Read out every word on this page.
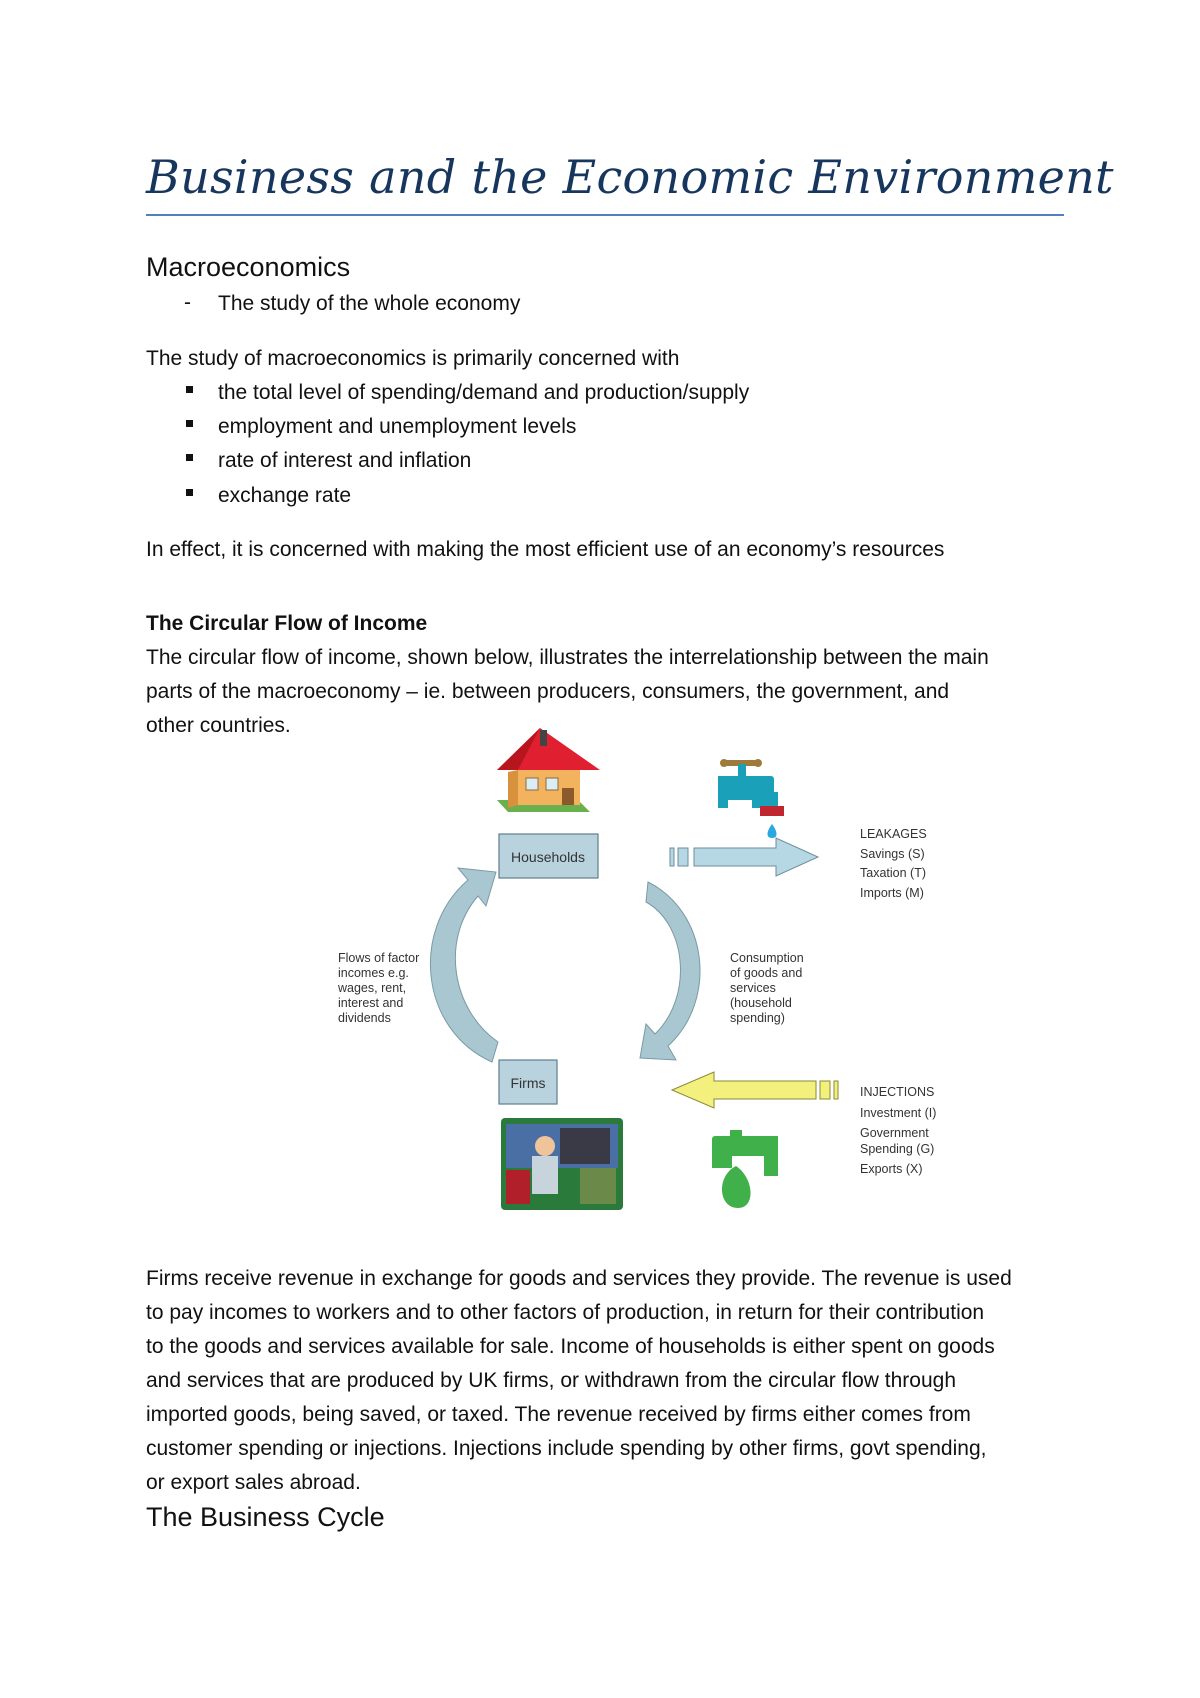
Business and the Economic Environment
Macroeconomics
- The study of the whole economy
The study of macroeconomics is primarily concerned with
the total level of spending/demand and production/supply
employment and unemployment levels
rate of interest and inflation
exchange rate
In effect, it is concerned with making the most efficient use of an economy’s resources
The Circular Flow of Income
The circular flow of income, shown below, illustrates the interrelationship between the main
parts of the macroeconomy – ie. between producers, consumers, the government, and
other countries.
Households
Firms
Flows of factor
incomes e.g.
wages, rent,
interest and
dividends
Consumption
of goods and
services
(household
spending)
LEAKAGES
Savings (S)
Taxation (T)
Imports (M)
INJECTIONS
Investment (I)
Government
Spending (G)
Exports (X)
Firms receive revenue in exchange for goods and services they provide. The revenue is used
to pay incomes to workers and to other factors of production, in return for their contribution
to the goods and services available for sale. Income of households is either spent on goods
and services that are produced by UK firms, or withdrawn from the circular flow through
imported goods, being saved, or taxed. The revenue received by firms either comes from
customer spending or injections. Injections include spending by other firms, govt spending,
or export sales abroad.
The Business Cycle
